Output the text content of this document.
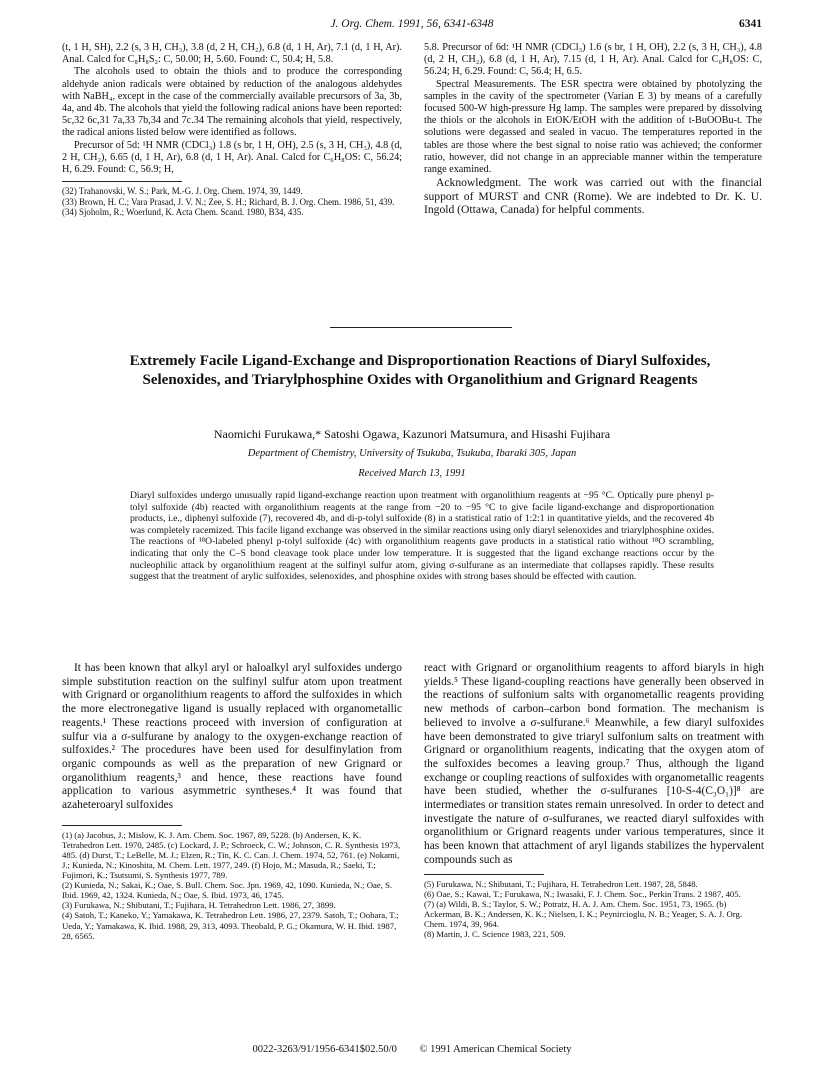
J. Org. Chem. 1991, 56, 6341-6348	6341

(t, 1 H, SH), 2.2 (s, 3 H, CH₃), 3.8 (d, 2 H, CH₂), 6.8 (d, 1 H, Ar), 7.1 (d, 1 H, Ar). Anal. Calcd for C₈H₈S₂: C, 50.00; H, 5.60. Found: C, 50.4; H, 5.8.

The alcohols used to obtain the thiols and to produce the corresponding aldehyde anion radicals were obtained by reduction of the analogous aldehydes with NaBH₄, except in the case of the commercially available precursors of 3a, 3b, 4a, and 4b. The alcohols that yield the following radical anions have been reported: 5c,32 6c,31 7a,33 7b,34 and 7c.34 The remaining alcohols that yield, respectively, the radical anions listed below were identified as follows.

Precursor of 5d: ¹H NMR (CDCl₃) 1.8 (s br, 1 H, OH), 2.5 (s, 3 H, CH₃), 4.8 (d, 2 H, CH₂), 6.65 (d, 1 H, Ar), 6.8 (d, 1 H, Ar). Anal. Calcd for C₆H₈OS: C, 56.24; H, 6.29. Found: C, 56.9; H,

(32) Trahanovski, W. S.; Park, M.-G. J. Org. Chem. 1974, 39, 1449.

(33) Brown, H. C.; Vara Prasad, J. V. N.; Zee, S. H.; Richard, B. J. Org. Chem. 1986, 51, 439.

(34) Sjoholm, R.; Woerlund, K. Acta Chem. Scand. 1980, B34, 435.

5.8. Precursor of 6d: ¹H NMR (CDCl₃) 1.6 (s br, 1 H, OH), 2.2 (s, 3 H, CH₃), 4.8 (d, 2 H, CH₂), 6.8 (d, 1 H, Ar), 7.15 (d, 1 H, Ar). Anal. Calcd for C₆H₈OS: C, 56.24; H, 6.29. Found: C, 56.4; H, 6.5.

Spectral Measurements. The ESR spectra were obtained by photolyzing the samples in the cavity of the spectrometer (Varian E 3) by means of a carefully focused 500-W high-pressure Hg lamp. The samples were prepared by dissolving the thiols or the alcohols in EtOK/EtOH with the addition of t-BuOOBu-t. The solutions were degassed and sealed in vacuo. The temperatures reported in the tables are those where the best signal to noise ratio was achieved; the conformer ratio, however, did not change in an appreciable manner within the temperature range examined.

Acknowledgment. The work was carried out with the financial support of MURST and CNR (Rome). We are indebted to Dr. K. U. Ingold (Ottawa, Canada) for helpful comments.

Extremely Facile Ligand-Exchange and Disproportionation Reactions of Diaryl Sulfoxides, Selenoxides, and Triarylphosphine Oxides with Organolithium and Grignard Reagents
Naomichi Furukawa,* Satoshi Ogawa, Kazunori Matsumura, and Hisashi Fujihara
Department of Chemistry, University of Tsukuba, Tsukuba, Ibaraki 305, Japan
Received March 13, 1991
Diaryl sulfoxides undergo unusually rapid ligand-exchange reaction upon treatment with organolithium reagents at −95 °C. Optically pure phenyl p-tolyl sulfoxide (4b) reacted with organolithium reagents at the range from −20 to −95 °C to give facile ligand-exchange and disproportionation products, i.e., diphenyl sulfoxide (7), recovered 4b, and di-p-tolyl sulfoxide (8) in a statistical ratio of 1:2:1 in quantitative yields, and the recovered 4b was completely racemized. This facile ligand exchange was observed in the similar reactions using only diaryl selenoxides and triarylphosphine oxides. The reactions of ¹⁸O-labeled phenyl p-tolyl sulfoxide (4c) with organolithium reagents gave products in a statistical ratio without ¹⁸O scrambling, indicating that only the C–S bond cleavage took place under low temperature. It is suggested that the ligand exchange reactions occur by the nucleophilic attack by organolithium reagent at the sulfinyl sulfur atom, giving σ-sulfurane as an intermediate that collapses rapidly. These results suggest that the treatment of arylic sulfoxides, selenoxides, and phosphine oxides with strong bases should be effected with caution.

It has been known that alkyl aryl or haloalkyl aryl sulfoxides undergo simple substitution reaction on the sulfinyl sulfur atom upon treatment with Grignard or organolithium reagents to afford the sulfoxides in which the more electronegative ligand is usually replaced with organometallic reagents.¹ These reactions proceed with inversion of configuration at sulfur via a σ-sulfurane by analogy to the oxygen-exchange reaction of sulfoxides.² The procedures have been used for desulfinylation from organic compounds as well as the preparation of new Grignard or organolithium reagents,³ and hence, these reactions have found application to various asymmetric syntheses.⁴ It was found that azaheteroaryl sulfoxides

(1) (a) Jacobus, J.; Mislow, K. J. Am. Chem. Soc. 1967, 89, 5228. (b) Andersen, K. K. Tetrahedron Lett. 1970, 2485. (c) Lockard, J. P.; Schroeck, C. W.; Johnson, C. R. Synthesis 1973, 485. (d) Durst, T.; LeBelle, M. J.; Elzen, R.; Tin, K. C. Can. J. Chem. 1974, 52, 761. (e) Nokami, J.; Kunieda, N.; Kinoshita, M. Chem. Lett. 1977, 249. (f) Hojo, M.; Masuda, R.; Saeki, T.; Fujimori, K.; Tsutsumi, S. Synthesis 1977, 789.

(2) Kunieda, N.; Sakai, K.; Oae, S. Bull. Chem. Soc. Jpn. 1969, 42, 1090. Kunieda, N.; Oae, S. Ibid. 1969, 42, 1324. Kunieda, N.; Oae, S. Ibid. 1973, 46, 1745.

(3) Furukawa, N.; Shibutani, T.; Fujihara, H. Tetrahedron Lett. 1986, 27, 3899.

(4) Satoh, T.; Kaneko, Y.; Yamakawa, K. Tetrahedron Lett. 1986, 27, 2379. Satoh, T.; Oohara, T.; Ueda, Y.; Yamakawa, K. Ibid. 1988, 29, 313, 4093. Theobald, P. G.; Okamura, W. H. Ibid. 1987, 28, 6565.

react with Grignard or organolithium reagents to afford biaryls in high yields.⁵ These ligand-coupling reactions have generally been observed in the reactions of sulfonium salts with organometallic reagents providing new methods of carbon–carbon bond formation. The mechanism is believed to involve a σ-sulfurane.⁶ Meanwhile, a few diaryl sulfoxides have been demonstrated to give triaryl sulfonium salts on treatment with Grignard or organolithium reagents, indicating that the oxygen atom of the sulfoxides becomes a leaving group.⁷ Thus, although the ligand exchange or coupling reactions of sulfoxides with organometallic reagents have been studied, whether the σ-sulfuranes [10-S-4(C₃O₁)]⁸ are intermediates or transition states remain unresolved. In order to detect and investigate the nature of σ-sulfuranes, we reacted diaryl sulfoxides with organolithium or Grignard reagents under various temperatures, since it has been known that attachment of aryl ligands stabilizes the hypervalent compounds such as

(5) Furukawa, N.; Shibutani, T.; Fujihara, H. Tetrahedron Lett. 1987, 28, 5848.

(6) Oae, S.; Kawai, T.; Furukawa, N.; Iwasaki, F. J. Chem. Soc., Perkin Trans. 2 1987, 405.

(7) (a) Wildi, B. S.; Taylor, S. W.; Potratz, H. A. J. Am. Chem. Soc. 1951, 73, 1965. (b) Ackerman, B. K.; Andersen, K. K.; Nielsen, I. K.; Peynircioglu, N. B.; Yeager, S. A. J. Org. Chem. 1974, 39, 964.

(8) Martin, J. C. Science 1983, 221, 509.

0022-3263/91/1956-6341$02.50/0 © 1991 American Chemical Society
